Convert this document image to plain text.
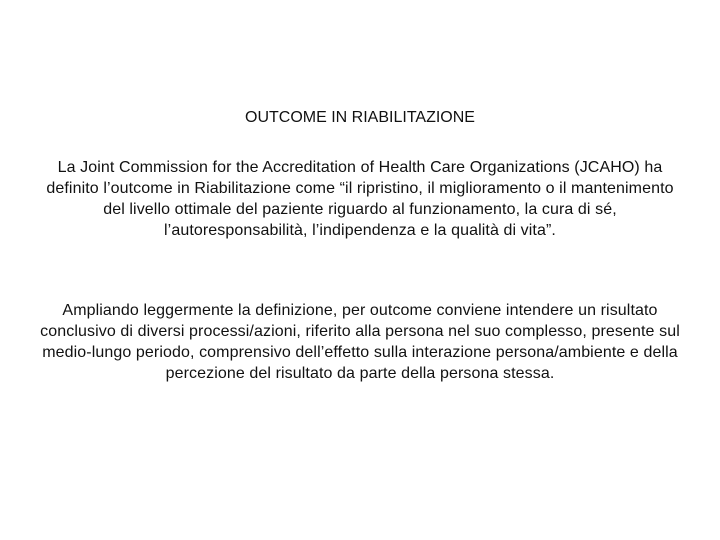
OUTCOME IN RIABILITAZIONE
La Joint Commission for the Accreditation of Health Care Organizations (JCAHO) ha definito l’outcome in Riabilitazione come “il ripristino, il miglioramento o il mantenimento del livello ottimale del paziente riguardo al funzionamento, la cura di sé, l’autoresponsabilità, l’indipendenza e la qualità di vita”.
Ampliando leggermente la definizione, per outcome conviene intendere un risultato conclusivo di diversi processi/azioni, riferito alla persona nel suo complesso, presente sul medio-lungo periodo, comprensivo dell’effetto sulla interazione persona/ambiente e della percezione del risultato da parte della persona stessa.
